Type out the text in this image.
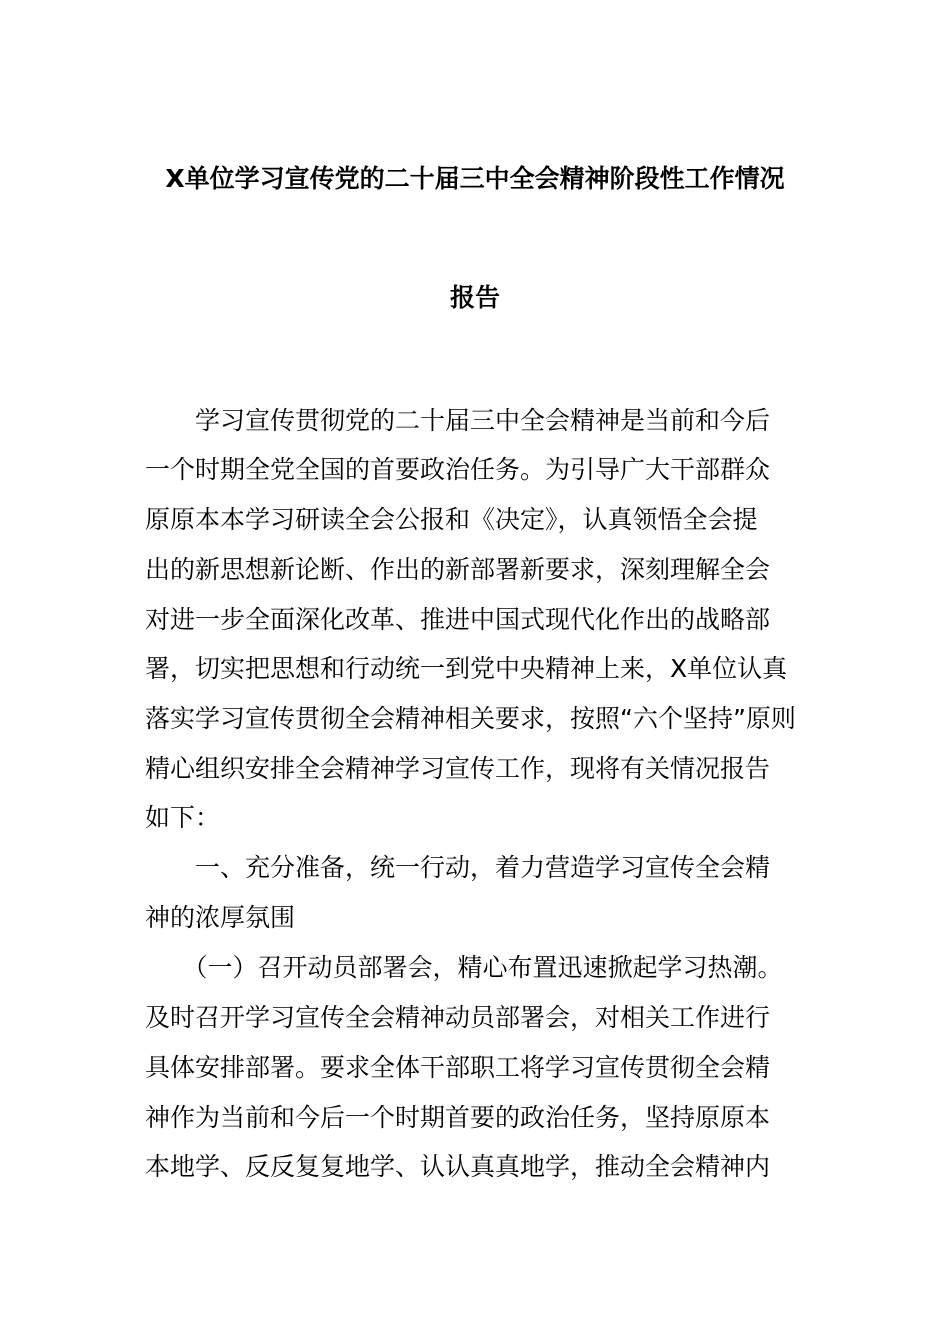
X单位学习宣传党的二十届三中全会精神阶段性工作情况
报告
　　学习宣传贯彻党的二十届三中全会精神是当前和今后
一个时期全党全国的首要政治任务。为引导广大干部群众
原原本本学习研读全会公报和《决定》，认真领悟全会提
出的新思想新论断、作出的新部署新要求，深刻理解全会
对进一步全面深化改革、推进中国式现代化作出的战略部
署，切实把思想和行动统一到党中央精神上来，X单位认真
落实学习宣传贯彻全会精神相关要求，按照“六个坚持”原则
精心组织安排全会精神学习宣传工作，现将有关情况报告
如下：
　　一、充分准备，统一行动，着力营造学习宣传全会精
神的浓厚氛围
　　（一）召开动员部署会，精心布置迅速掀起学习热潮。
及时召开学习宣传全会精神动员部署会，对相关工作进行
具体安排部署。要求全体干部职工将学习宣传贯彻全会精
神作为当前和今后一个时期首要的政治任务，坚持原原本
本地学、反反复复地学、认认真真地学，推动全会精神内
